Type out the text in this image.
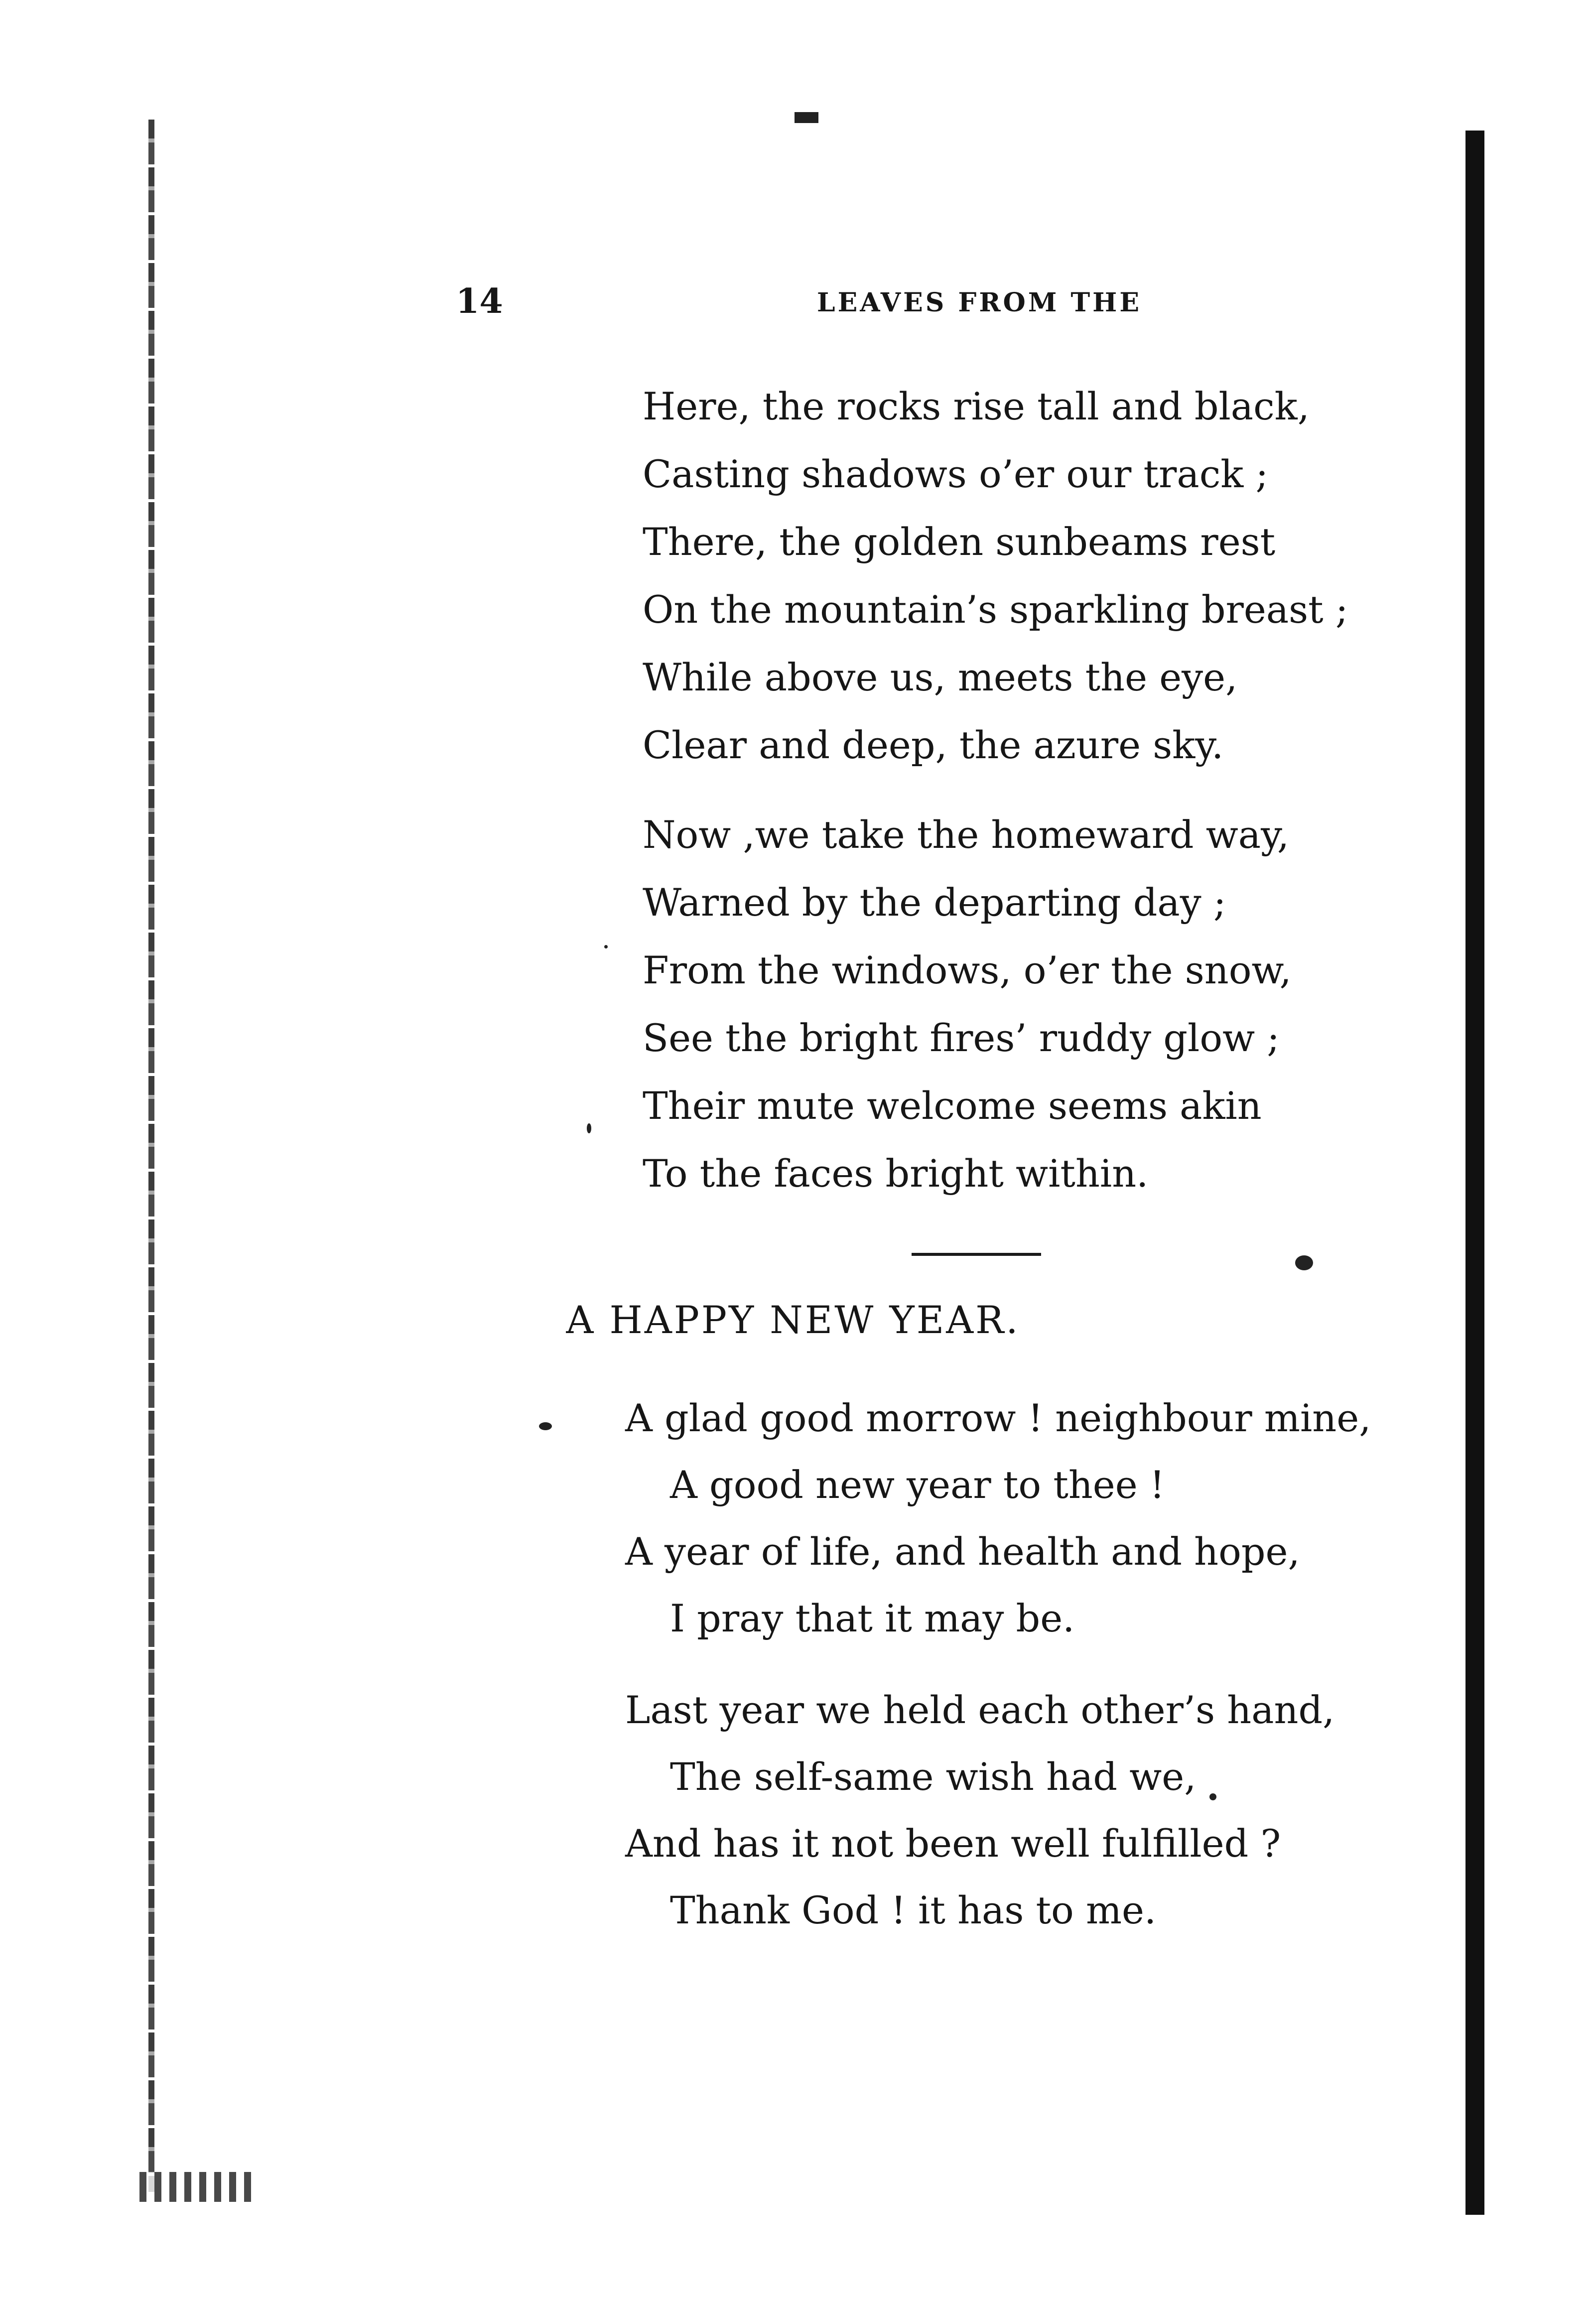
14	LEAVES FROM THE
Here, the rocks rise tall and black,
Casting shadows o’er our track ;
There, the golden sunbeams rest
On the mountain’s sparkling breast ;
While above us, meets the eye,
Clear and deep, the azure sky.
Now ,we take the homeward way,
Warned by the departing day ;
From the windows, o’er the snow,
See the bright fires’ ruddy glow ;
Their mute welcome seems akin
To the faces bright within.
A HAPPY NEW YEAR.
A glad good morrow ! neighbour mine,
A good new year to thee !
A year of life, and health and hope,
I pray that it may be.
Last year we held each other’s hand,
The self-same wish had we,
And has it not been well fulfilled ?
Thank God ! it has to me.
